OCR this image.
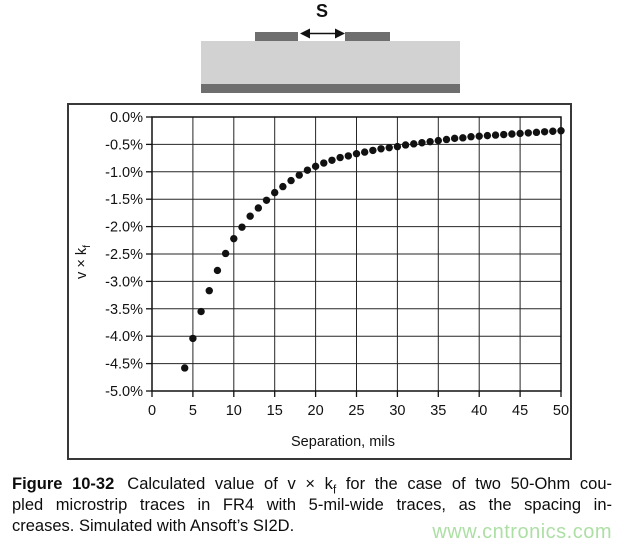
S
0.0%
-0.5%
-1.0%
-1.5%
-2.0%
-2.5%
-3.0%
-3.5%
-4.0%
-4.5%
-5.0%
0 5 10 15 20 25 30 35 40 45 50
$v \times k_f$
Separation, mils
Figure 10-32 Calculated value of $v \times k_f$ for the case of two 50-Ohm cou-
pled microstrip traces in FR4 with 5-mil-wide traces, as the spacing in-
creases. Simulated with Ansoft’s SI2D.	www.cntronics.com
